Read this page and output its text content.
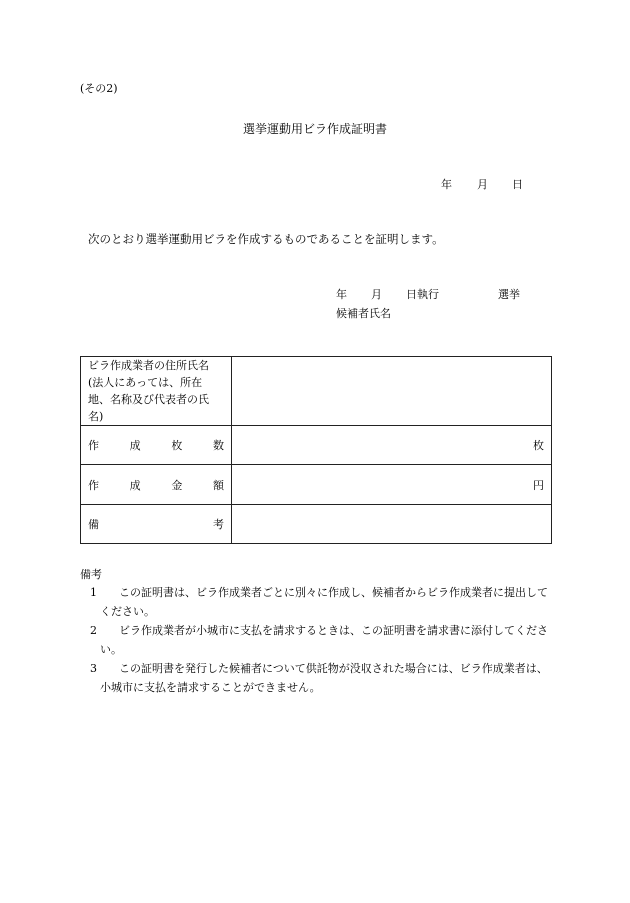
(その2)
選挙運動用ビラ作成証明書
年 月 日
次のとおり選挙運動用ビラを作成するものであることを証明します。
年 月 日執行	選挙
候補者氏名
ビラ作成業者の住所氏名(法人にあっては、所在地、名称及び代表者の氏名)	

作 成 枚 数	枚

作 成 金 額	円

備 考	

備考
1	この証明書は、ビラ作成業者ごとに別々に作成し、候補者からビラ作成業者に提出してください。

2	ビラ作成業者が小城市に支払を請求するときは、この証明書を請求書に添付してください。

3	この証明書を発行した候補者について供託物が没収された場合には、ビラ作成業者は、小城市に支払を請求することができません。
